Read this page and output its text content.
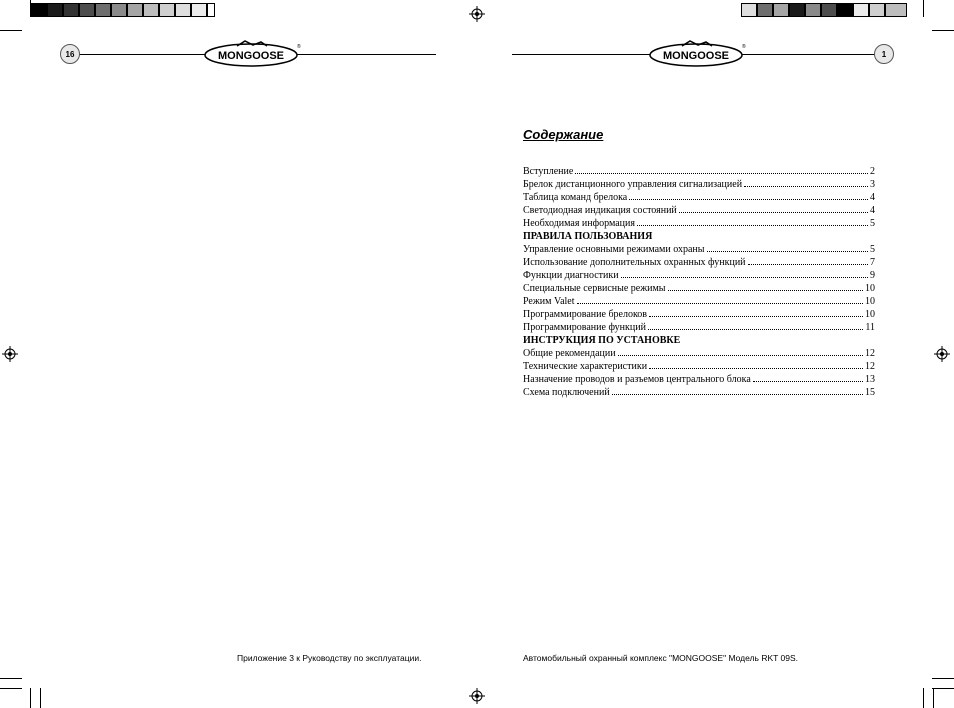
16	MONGOOSE
®
MONGOOSE
®
1
Содержание
Вступление	2
Брелок дистанционного управления сигнализацией	3
Таблица команд брелока	4
Светодиодная индикация состояний	4
Необходимая информация	5
ПРАВИЛА ПОЛЬЗОВАНИЯ
Управление основными режимами охраны	5
Использование дополнительных охранных функций	7
Функции диагностики	9
Специальные сервисные режимы	10
Режим Valet	10
Программирование брелоков	10
Программирование функций	11
ИНСТРУКЦИЯ ПО УСТАНОВКЕ
Общие рекомендации	12
Технические характеристики	12
Назначение проводов и разъемов центрального блока	13
Схема подключений	15
Приложение 3 к Руководству по эксплуатации.	Автомобильный охранный комплекс "MONGOOSE" Модель RKT 09S.
